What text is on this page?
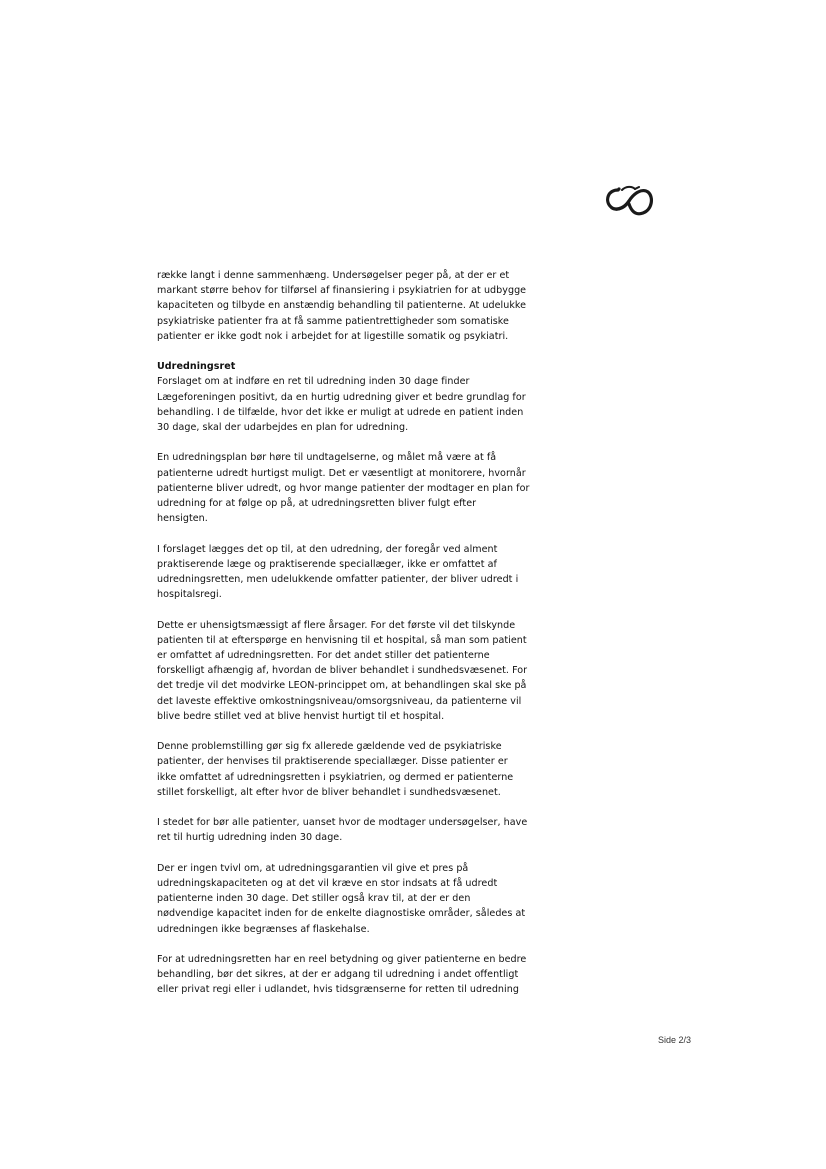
række langt i denne sammenhæng. Undersøgelser peger på, at der er et
markant større behov for tilførsel af finansiering i psykiatrien for at udbygge
kapaciteten og tilbyde en anstændig behandling til patienterne. At udelukke
psykiatriske patienter fra at få samme patientrettigheder som somatiske
patienter er ikke godt nok i arbejdet for at ligestille somatik og psykiatri.
Udredningsret
Forslaget om at indføre en ret til udredning inden 30 dage finder
Lægeforeningen positivt, da en hurtig udredning giver et bedre grundlag for
behandling. I de tilfælde, hvor det ikke er muligt at udrede en patient inden
30 dage, skal der udarbejdes en plan for udredning.
En udredningsplan bør høre til undtagelserne, og målet må være at få
patienterne udredt hurtigst muligt. Det er væsentligt at monitorere, hvornår
patienterne bliver udredt, og hvor mange patienter der modtager en plan for
udredning for at følge op på, at udredningsretten bliver fulgt efter
hensigten.
I forslaget lægges det op til, at den udredning, der foregår ved alment
praktiserende læge og praktiserende speciallæger, ikke er omfattet af
udredningsretten, men udelukkende omfatter patienter, der bliver udredt i
hospitalsregi.
Dette er uhensigtsmæssigt af flere årsager. For det første vil det tilskynde
patienten til at efterspørge en henvisning til et hospital, så man som patient
er omfattet af udredningsretten. For det andet stiller det patienterne
forskelligt afhængig af, hvordan de bliver behandlet i sundhedsvæsenet. For
det tredje vil det modvirke LEON-princippet om, at behandlingen skal ske på
det laveste effektive omkostningsniveau/omsorgsniveau, da patienterne vil
blive bedre stillet ved at blive henvist hurtigt til et hospital.
Denne problemstilling gør sig fx allerede gældende ved de psykiatriske
patienter, der henvises til praktiserende speciallæger. Disse patienter er
ikke omfattet af udredningsretten i psykiatrien, og dermed er patienterne
stillet forskelligt, alt efter hvor de bliver behandlet i sundhedsvæsenet.
I stedet for bør alle patienter, uanset hvor de modtager undersøgelser, have
ret til hurtig udredning inden 30 dage.
Der er ingen tvivl om, at udredningsgarantien vil give et pres på
udredningskapaciteten og at det vil kræve en stor indsats at få udredt
patienterne inden 30 dage. Det stiller også krav til, at der er den
nødvendige kapacitet inden for de enkelte diagnostiske områder, således at
udredningen ikke begrænses af flaskehalse.
For at udredningsretten har en reel betydning og giver patienterne en bedre
behandling, bør det sikres, at der er adgang til udredning i andet offentligt
eller privat regi eller i udlandet, hvis tidsgrænserne for retten til udredning
Side 2/3
